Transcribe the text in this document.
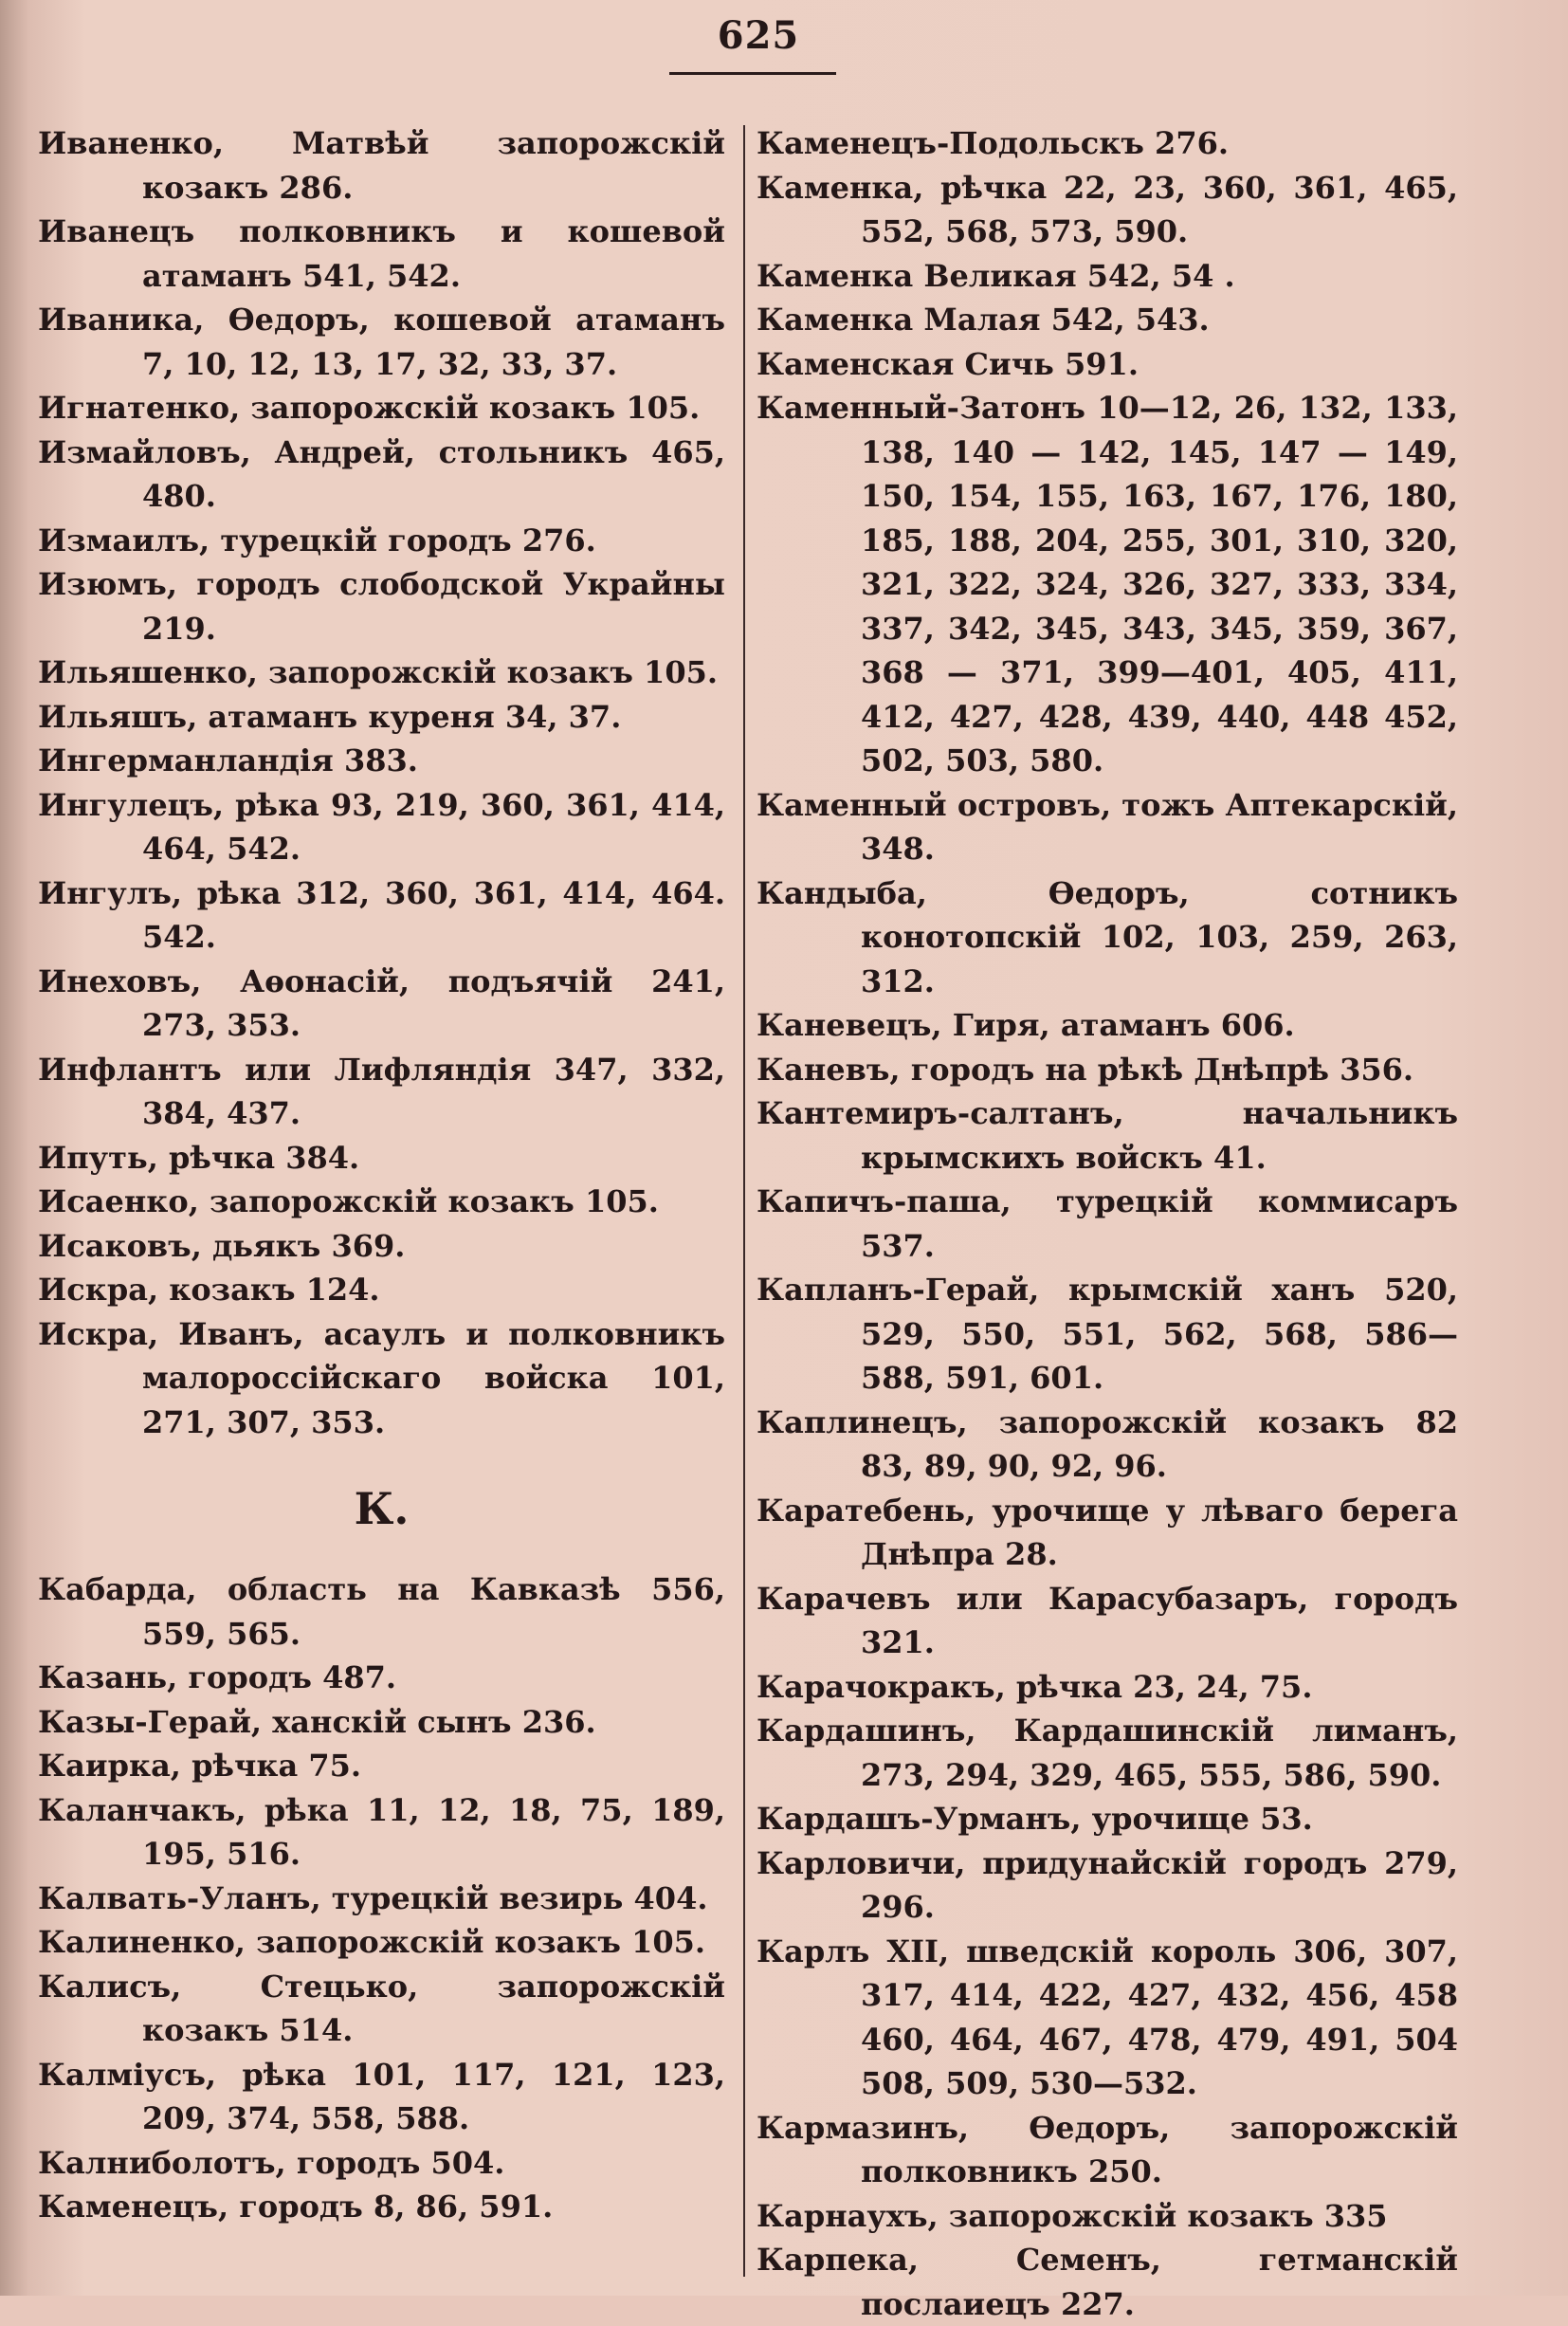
625

Иваненко, Матвѣй запорожскій козакъ 286.

Иванецъ полковникъ и кошевой атаманъ 541, 542.

Иваника, Ѳедоръ, кошевой атаманъ 7, 10, 12, 13, 17, 32, 33, 37.

Игнатенко, запорожскій козакъ 105.

Измайловъ, Андрей, стольникъ 465, 480.

Измаилъ, турецкій городъ 276.

Изюмъ, городъ слободской Украйны 219.

Ильяшенко, запорожскій козакъ 105.

Ильяшъ, атаманъ куреня 34, 37.

Ингерманландія 383.

Ингулецъ, рѣка 93, 219, 360, 361, 414, 464, 542.

Ингулъ, рѣка 312, 360, 361, 414, 464. 542.

Инеховъ, Аѳонасій, подъячій 241, 273, 353.

Инфлантъ или Лифляндія 347, 332, 384, 437.

Ипуть, рѣчка 384.

Исаенко, запорожскій козакъ 105.

Исаковъ, дьякъ 369.

Искра, козакъ 124.

Искра, Иванъ, асаулъ и полковникъ малороссійскаго войска 101, 271, 307, 353.

К.

Кабарда, область на Кавказѣ 556, 559, 565.

Казань, городъ 487.

Казы-Герай, ханскій сынъ 236.

Каирка, рѣчка 75.

Каланчакъ, рѣка 11, 12, 18, 75, 189, 195, 516.

Калвать-Уланъ, турецкій везирь 404.

Калиненко, запорожскій козакъ 105.

Калисъ, Стецько, запорожскій козакъ 514.

Калміусъ, рѣка 101, 117, 121, 123, 209, 374, 558, 588.

Калниболотъ, городъ 504.

Каменецъ, городъ 8, 86, 591.

Каменецъ-Подольскъ 276.

Каменка, рѣчка 22, 23, 360, 361, 465, 552, 568, 573, 590.

Каменка Великая 542, 54 .

Каменка Малая 542, 543.

Каменская Сичь 591.

Каменный-Затонъ 10—12, 26, 132, 133, 138, 140 — 142, 145, 147 — 149, 150, 154, 155, 163, 167, 176, 180, 185, 188, 204, 255, 301, 310, 320, 321, 322, 324, 326, 327, 333, 334, 337, 342, 345, 343, 345, 359, 367, 368 — 371, 399—401, 405, 411, 412, 427, 428, 439, 440, 448 452, 502, 503, 580.

Каменный островъ, тожъ Аптекарскій, 348.

Кандыба, Ѳедоръ, сотникъ конотопскій 102, 103, 259, 263, 312.

Каневецъ, Гиря, атаманъ 606.

Каневъ, городъ на рѣкѣ Днѣпрѣ 356.

Кантемиръ-салтанъ, начальникъ крымскихъ войскъ 41.

Капичъ-паша, турецкій коммисаръ 537.

Капланъ-Герай, крымскій ханъ 520, 529, 550, 551, 562, 568, 586— 588, 591, 601.

Каплинецъ, запорожскій козакъ 82 83, 89, 90, 92, 96.

Каратебень, урочище у лѣваго берега Днѣпра 28.

Карачевъ или Карасубазаръ, городъ 321.

Карачокракъ, рѣчка 23, 24, 75.

Кардашинъ, Кардашинскій лиманъ, 273, 294, 329, 465, 555, 586, 590.

Кардашъ-Урманъ, урочище 53.

Карловичи, придунайскій городъ 279, 296.

Карлъ XII, шведскій король 306, 307, 317, 414, 422, 427, 432, 456, 458 460, 464, 467, 478, 479, 491, 504 508, 509, 530—532.

Кармазинъ, Ѳедоръ, запорожскій полковникъ 250.

Карнаухъ, запорожскій козакъ 335

Карпека, Семенъ, гетманскій послаиецъ 227.
